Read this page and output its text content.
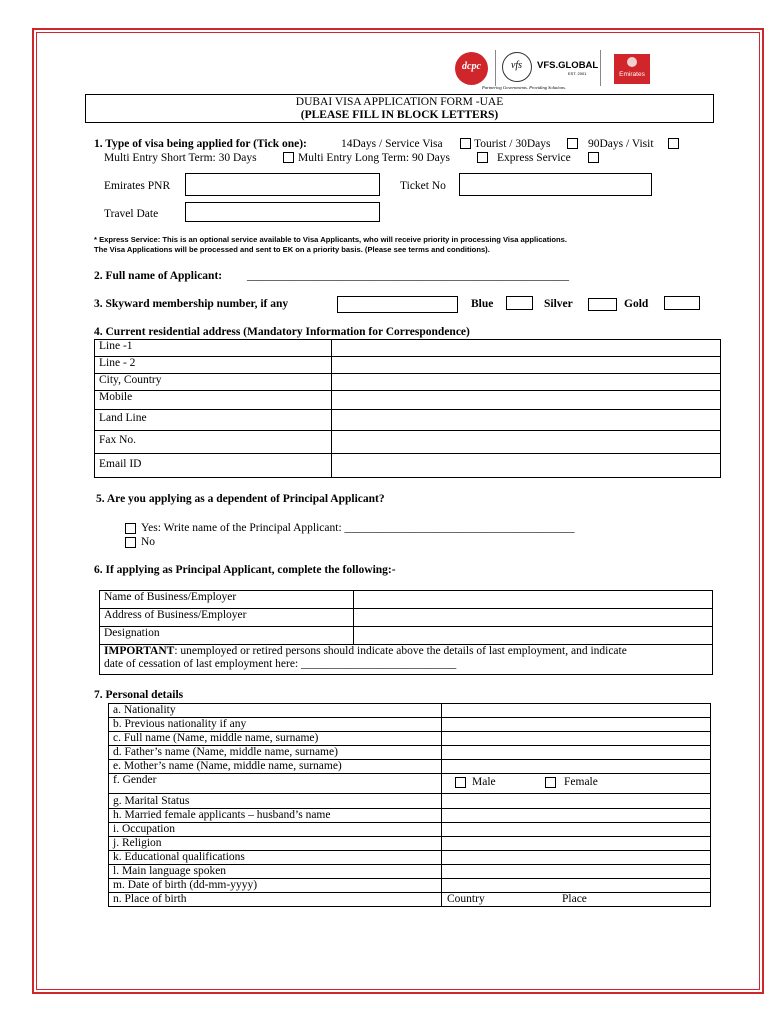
dcpc	vfs	VFS.GLOBAL
EST. 2001
Partnering Governments. Providing Solutions.
Emirates
DUBAI VISA APPLICATION FORM -UAE
(PLEASE FILL IN BLOCK LETTERS)
1. Type of visa being applied for (Tick one):	14Days / Service Visa	Tourist / 30Days	90Days / Visit
Multi Entry Short Term: 30 Days	Multi Entry Long Term: 90 Days	Express Service
Emirates PNR	Ticket No
Travel Date
* Express Service: This is an optional service available to Visa Applicants, who will receive priority in processing Visa applications.
The Visa Applications will be processed and sent to EK on a priority basis. (Please see terms and conditions).
2. Full name of Applicant: ________________________________________________________
3. Skyward membership number, if any	Blue	Silver	Gold
4. Current residential address (Mandatory Information for Correspondence)
Line -1	
Line - 2	
City, Country	
Mobile	
Land Line	
Fax No.	
Email ID	
5. Are you applying as a dependent of Principal Applicant?
Yes: Write name of the Principal Applicant: ________________________________________
No
6. If applying as Principal Applicant, complete the following:-
Name of Business/Employer	
Address of Business/Employer	
Designation	
IMPORTANT: unemployed or retired persons should indicate above the details of last employment, and indicate
date of cessation of last employment here: ___________________________	
7. Personal details
a. Nationality	
b. Previous nationality if any	
c. Full name (Name, middle name, surname)	
d. Father’s name (Name, middle name, surname)	
e. Mother’s name (Name, middle name, surname)	
f. Gender	Male Female

g. Marital Status	
h. Married female applicants – husband’s name	
i. Occupation	
j. Religion	
k. Educational qualifications	
l. Main language spoken	
m. Date of birth (dd-mm-yyyy)	
n. Place of birth	Country Place
